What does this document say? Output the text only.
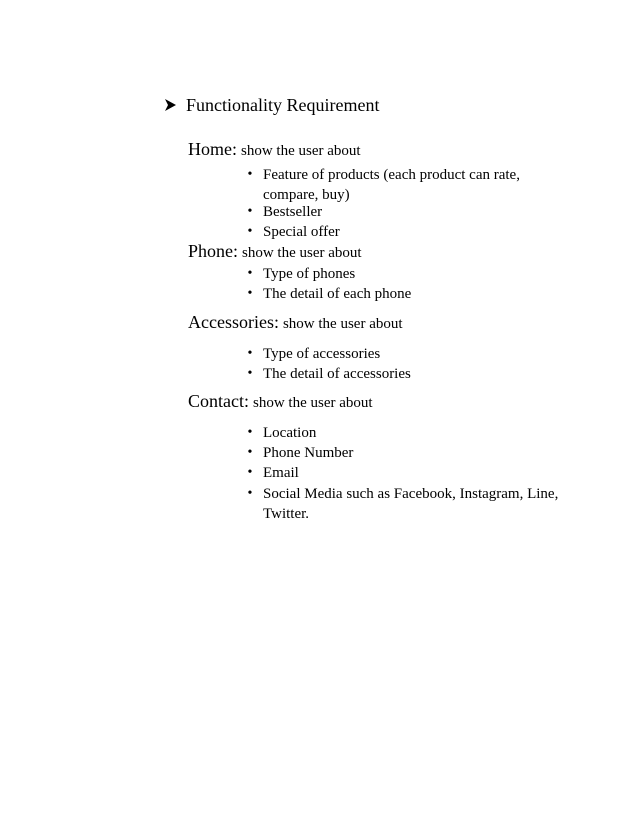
Functionality Requirement
Home: show the user about
• Feature of products (each product can rate, compare, buy)
• Bestseller
• Special offer
Phone: show the user about
• Type of phones
• The detail of each phone
Accessories: show the user about
• Type of accessories
• The detail of accessories
Contact: show the user about
• Location
• Phone Number
• Email
• Social Media such as Facebook, Instagram, Line, Twitter.
